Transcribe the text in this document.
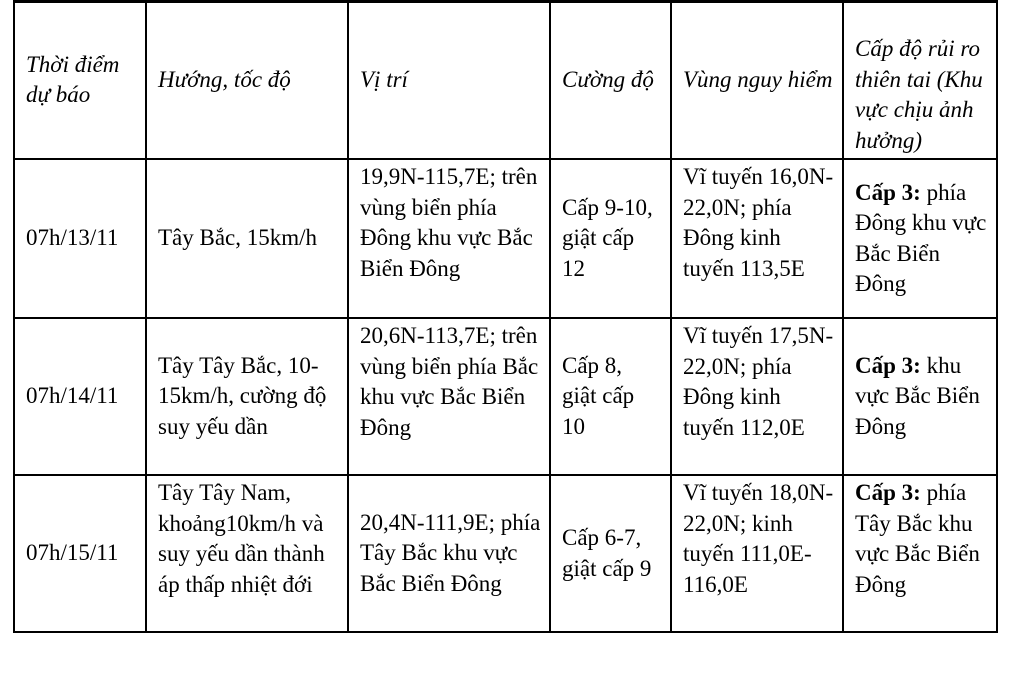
Thời điểm dự báo	Hướng, tốc độ	Vị trí	Cường độ	Vùng nguy hiểm	Cấp độ rủi ro thiên tai (Khu vực chịu ảnh hưởng)
07h/13/11	Tây Bắc, 15km/h	19,9N-115,7E; trên vùng biển phía Đông khu vực Bắc Biển Đông	Cấp 9-10, giật cấp 12	Vĩ tuyến 16,0N-22,0N; phía Đông kinh tuyến 113,5E	Cấp 3: phía Đông khu vực Bắc Biển Đông
07h/14/11	Tây Tây Bắc, 10-15km/h, cường độ suy yếu dần	20,6N-113,7E; trên vùng biển phía Bắc khu vực Bắc Biển Đông	Cấp 8, giật cấp 10	Vĩ tuyến 17,5N-22,0N; phía Đông kinh tuyến 112,0E	Cấp 3: khu vực Bắc Biển Đông
07h/15/11	Tây Tây Nam, khoảng10km/h và suy yếu dần thành áp thấp nhiệt đới	20,4N-111,9E; phía Tây Bắc khu vực Bắc Biển Đông	Cấp 6-7, giật cấp 9	Vĩ tuyến 18,0N-22,0N; kinh tuyến 111,0E-116,0E	Cấp 3: phía Tây Bắc khu vực Bắc Biển Đông
